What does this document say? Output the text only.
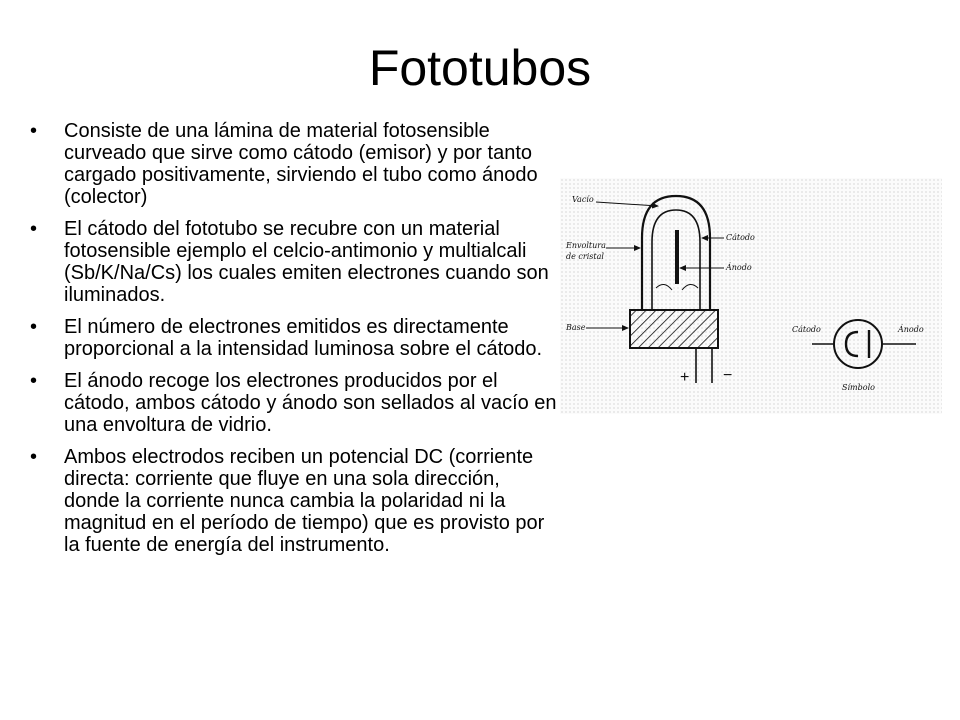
Fototubos
•	Consiste de una lámina de material fotosensible curveado que sirve como cátodo (emisor) y por tanto cargado positivamente, sirviendo el tubo como ánodo (colector)
•	El cátodo del fototubo se recubre con un material fotosensible ejemplo el celcio-antimonio y multialcali (Sb/K/Na/Cs) los cuales emiten electrones cuando son iluminados.
•	El número de electrones emitidos es directamente proporcional a la intensidad luminosa sobre el cátodo.
•	El ánodo recoge los electrones producidos por el cátodo, ambos cátodo y ánodo son sellados al vacío en una envoltura de vidrio.
•	Ambos electrodos reciben un potencial DC (corriente directa: corriente que fluye en una sola dirección, donde la corriente nunca cambia la polaridad ni la magnitud en el período de tiempo) que es provisto por la fuente de energía del instrumento.
+ −
Vacío
Envoltura
de cristal
Base
Cátodo
Ánodo
Cátodo	Ánodo
Símbolo
